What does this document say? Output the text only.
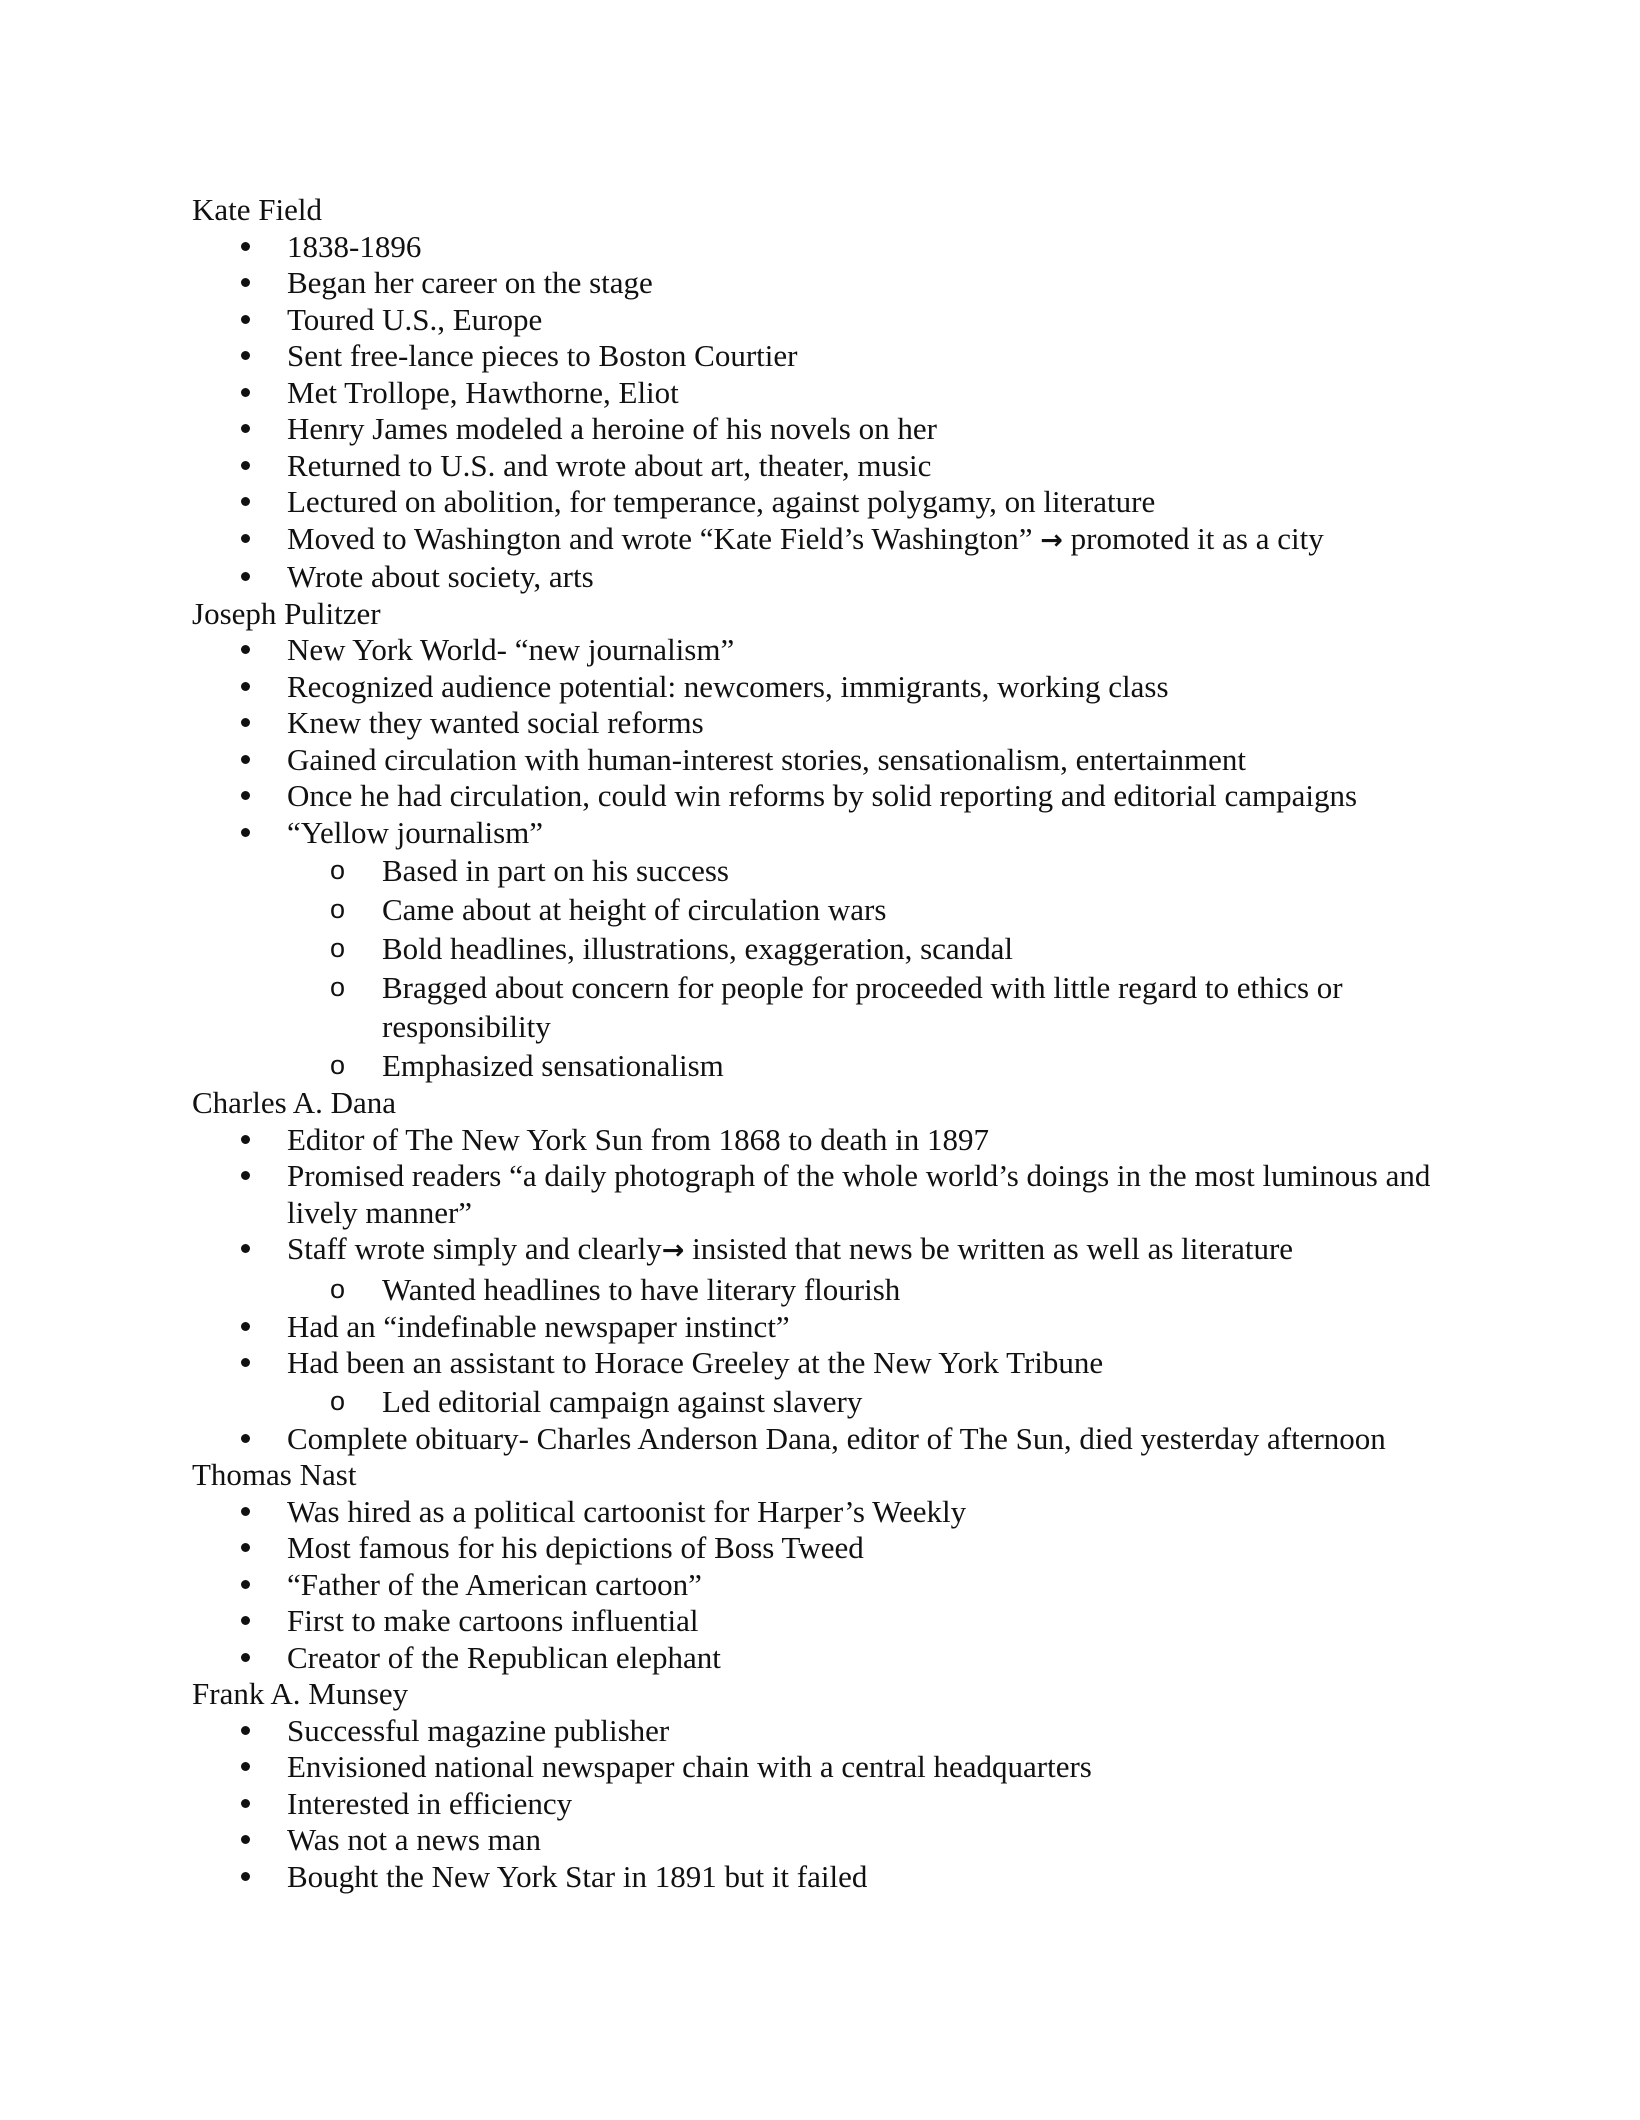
Kate Field
1838-1896
Began her career on the stage
Toured U.S., Europe
Sent free-lance pieces to Boston Courtier
Met Trollope, Hawthorne, Eliot
Henry James modeled a heroine of his novels on her
Returned to U.S. and wrote about art, theater, music
Lectured on abolition, for temperance, against polygamy, on literature
Moved to Washington and wrote “Kate Field’s Washington” → promoted it as a city
Wrote about society, arts
Joseph Pulitzer
New York World- “new journalism”
Recognized audience potential: newcomers, immigrants, working class
Knew they wanted social reforms
Gained circulation with human-interest stories, sensationalism, entertainment
Once he had circulation, could win reforms by solid reporting and editorial campaigns
“Yellow journalism”
o Based in part on his success
o Came about at height of circulation wars
o Bold headlines, illustrations, exaggeration, scandal
o Bragged about concern for people for proceeded with little regard to ethics or responsibility
o Emphasized sensationalism
Charles A. Dana
Editor of The New York Sun from 1868 to death in 1897
Promised readers “a daily photograph of the whole world’s doings in the most luminous and lively manner”
Staff wrote simply and clearly→ insisted that news be written as well as literature
o Wanted headlines to have literary flourish
Had an “indefinable newspaper instinct”
Had been an assistant to Horace Greeley at the New York Tribune
o Led editorial campaign against slavery
Complete obituary- Charles Anderson Dana, editor of The Sun, died yesterday afternoon
Thomas Nast
Was hired as a political cartoonist for Harper’s Weekly
Most famous for his depictions of Boss Tweed
“Father of the American cartoon”
First to make cartoons influential
Creator of the Republican elephant
Frank A. Munsey
Successful magazine publisher
Envisioned national newspaper chain with a central headquarters
Interested in efficiency
Was not a news man
Bought the New York Star in 1891 but it failed
